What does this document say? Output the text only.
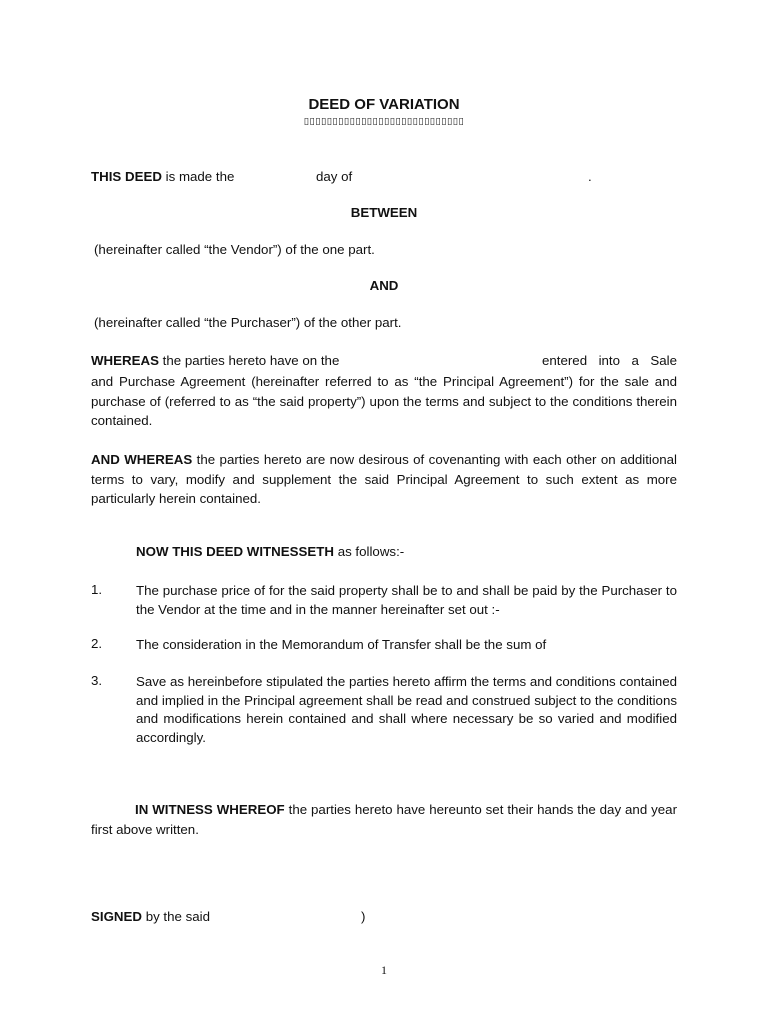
DEED OF VARIATION
▯▯▯▯▯▯▯▯▯▯▯▯▯▯▯▯▯▯▯▯▯▯▯▯▯▯▯▯
THIS DEED is made the	day of	.
BETWEEN
(hereinafter called “the Vendor”) of the one part.
AND
(hereinafter called “the Purchaser”) of the other part.
WHEREAS the parties hereto have on the	entered into a Sale
and Purchase Agreement (hereinafter referred to as “the Principal Agreement”) for the sale and purchase of (referred to as “the said property”) upon the terms and subject to the conditions therein contained.
AND WHEREAS the parties hereto are now desirous of covenanting with each other on additional terms to vary, modify and supplement the said Principal Agreement to such extent as more particularly herein contained.
NOW THIS DEED WITNESSETH as follows:-
1.	The purchase price of for the said property shall be to and shall be paid by the Purchaser to the Vendor at the time and in the manner hereinafter set out :-
2.	The consideration in the Memorandum of Transfer shall be the sum of
3.	Save as hereinbefore stipulated the parties hereto affirm the terms and conditions contained and implied in the Principal agreement shall be read and construed subject to the conditions and modifications herein contained and shall where necessary be so varied and modified accordingly.
IN WITNESS WHEREOF the parties hereto have hereunto set their hands the day and year first above written.
SIGNED by the said	)
1
